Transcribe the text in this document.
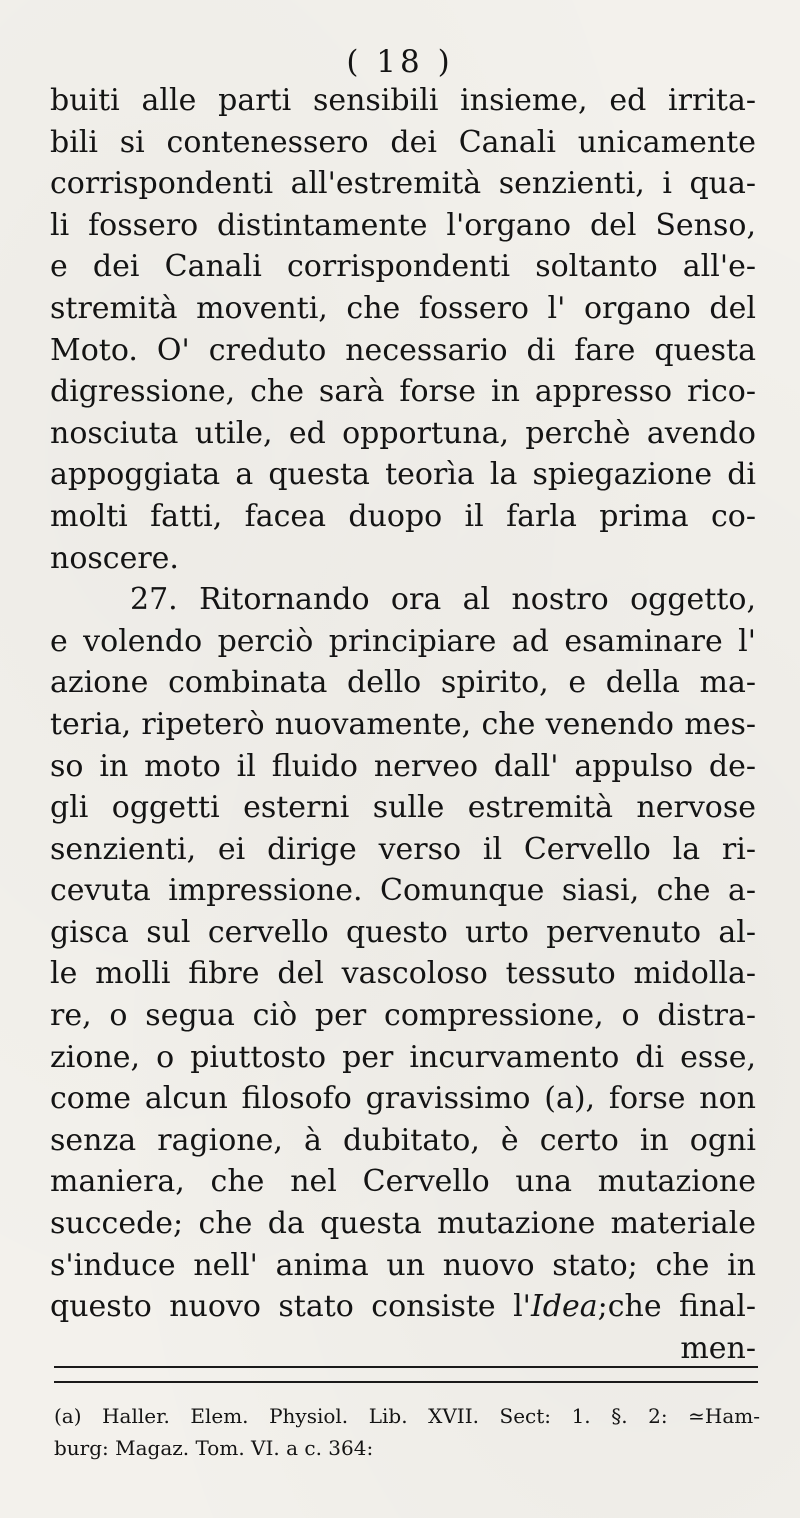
( 18 )
buiti alle parti sensibili insieme, ed irrita-
bili si contenessero dei Canali unicamente
corrispondenti all'estremità senzienti, i qua-
li fossero distintamente l'organo del Senso,
e dei Canali corrispondenti soltanto all'e-
stremità moventi, che fossero l' organo del
Moto. O' creduto necessario di fare questa
digressione, che sarà forse in appresso rico-
nosciuta utile, ed opportuna, perchè avendo
appoggiata a questa teorìa la spiegazione di
molti fatti, facea duopo il farla prima co-
noscere.
27. Ritornando ora al nostro oggetto,
e volendo perciò principiare ad esaminare l'
azione combinata dello spirito, e della ma-
teria, ripeterò nuovamente, che venendo mes-
so in moto il fluido nerveo dall' appulso de-
gli oggetti esterni sulle estremità nervose
senzienti, ei dirige verso il Cervello la ri-
cevuta impressione. Comunque siasi, che a-
gisca sul cervello questo urto pervenuto al-
le molli fibre del vascoloso tessuto midolla-
re, o segua ciò per compressione, o distra-
zione, o piuttosto per incurvamento di esse,
come alcun filosofo gravissimo (a), forse non
senza ragione, à dubitato, è certo in ogni
maniera, che nel Cervello una mutazione
succede; che da questa mutazione materiale
s'induce nell' anima un nuovo stato; che in
questo nuovo stato consiste l'Idea;che final-
men-
(a) Haller. Elem. Physiol. Lib. XVII. Sect: 1. §. 2: ≃Ham-
burg: Magaz. Tom. VI. a c. 364:
